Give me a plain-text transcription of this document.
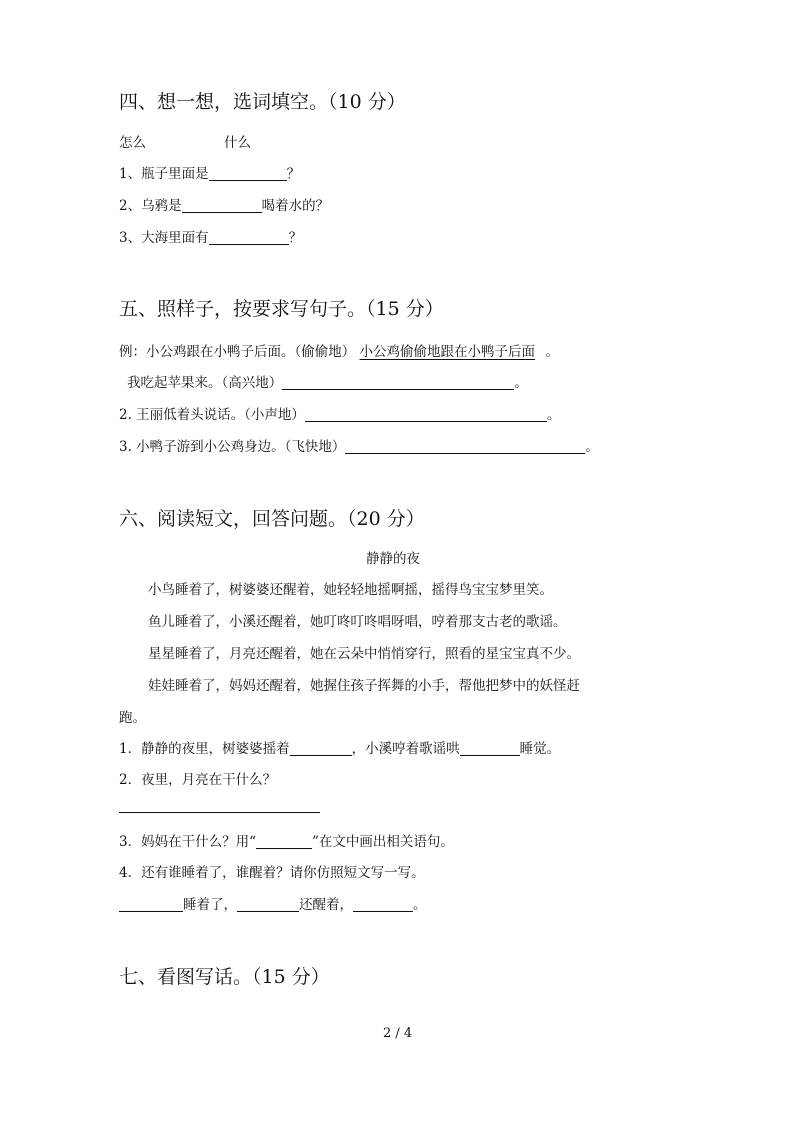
四、想一想，选词填空。（10 分）
怎么	什么
1、瓶子里面是	？
2、乌鸦是	喝着水的？
3、大海里面有	？
五、照样子，按要求写句子。（15 分）
例：小公鸡跟在小鸭子后面。（偷偷地） 小公鸡偷偷地跟在小鸭子后面 。
我吃起苹果来。（高兴地）	。
2. 王丽低着头说话。（小声地）	。
3. 小鸭子游到小公鸡身边。（飞快地）	。
六、阅读短文，回答问题。（20 分）
静静的夜
小鸟睡着了，树婆婆还醒着，她轻轻地摇啊摇，摇得鸟宝宝梦里笑。
鱼儿睡着了，小溪还醒着，她叮咚叮咚唱呀唱，哼着那支古老的歌谣。
星星睡着了，月亮还醒着，她在云朵中悄悄穿行，照看的星宝宝真不少。
娃娃睡着了，妈妈还醒着，她握住孩子挥舞的小手，帮他把梦中的妖怪赶
跑。
1．静静的夜里，树婆婆摇着	，小溪哼着歌谣哄	睡觉。
2．夜里，月亮在干什么？
3．妈妈在干什么？用“	”在文中画出相关语句。
4．还有谁睡着了，谁醒着？请你仿照短文写一写。
睡着了，	还醒着，	。
七、看图写话。（15 分）
2 / 4
